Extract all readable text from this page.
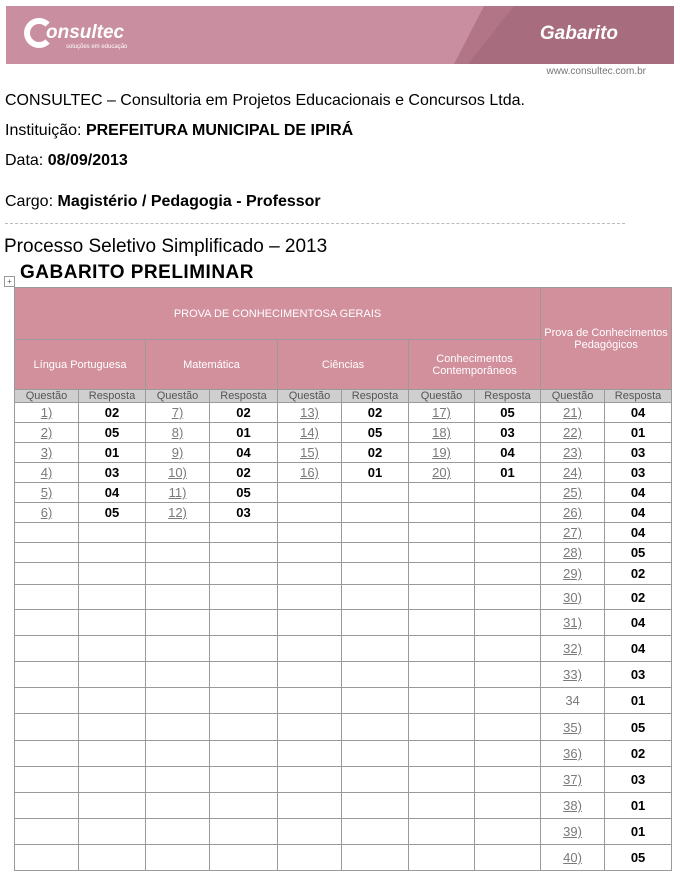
onsultec
soluções em educação
Gabarito
www.consultec.com.br
CONSULTEC – Consultoria em Projetos Educacionais e Concursos Ltda.
Instituição: PREFEITURA MUNICIPAL DE IPIRÁ
Data: 08/09/2013
Cargo: Magistério / Pedagogia - Professor
Processo Seletivo Simplificado – 2013
+ GABARITO PRELIMINAR
PROVA DE CONHECIMENTOSA GERAIS								Prova de Conhecimentos Pedagógicos	
Língua Portuguesa		Matemática		Ciências		Conhecimentos Contemporâneos			
Questão	Resposta	Questão	Resposta	Questão	Resposta	Questão	Resposta	Questão	Resposta
1)	02	7)	02	13)	02	17)	05	21)	04
2)	05	8)	01	14)	05	18)	03	22)	01
3)	01	9)	04	15)	02	19)	04	23)	03
4)	03	10)	02	16)	01	20)	01	24)	03
5)	04	11)	05					25)	04
6)	05	12)	03					26)	04
								27)	04
								28)	05
								29)	02
								30)	02
								31)	04
								32)	04
								33)	03
								34	01
								35)	05
								36)	02
								37)	03
								38)	01
								39)	01
								40)	05
